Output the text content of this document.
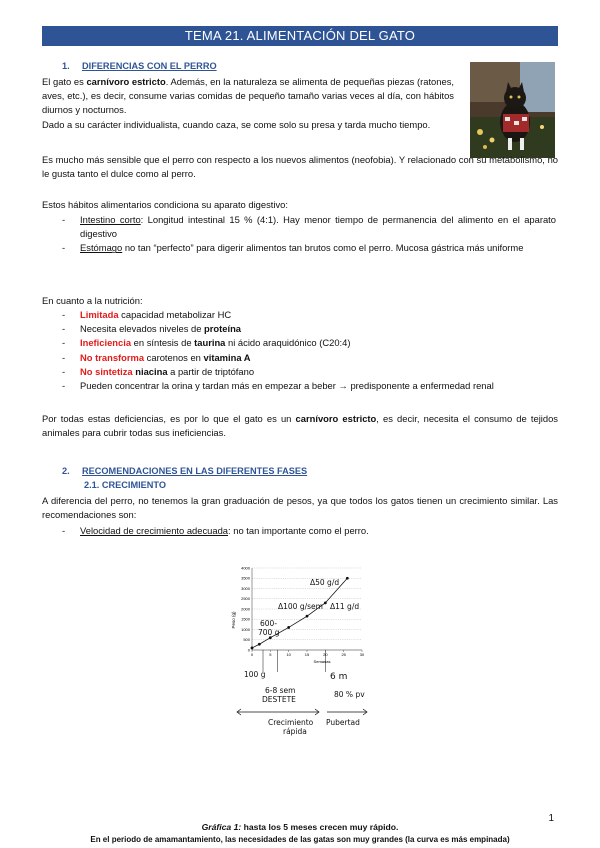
TEMA 21. ALIMENTACIÓN DEL GATO
1. DIFERENCIAS CON EL PERRO

El gato es carnívoro estricto. Además, en la naturaleza se alimenta de pequeñas piezas (ratones, aves, etc.), es decir, consume varias comidas de pequeño tamaño varias veces al día, con hábitos diurnos y nocturnos.

Dado a su carácter individualista, cuando caza, se come solo su presa y tarda mucho tiempo.

Es mucho más sensible que el perro con respecto a los nuevos alimentos (neofobia). Y relacionado con su metabolismo, no le gusta tanto el dulce como al perro.
Estos hábitos alimentarios condiciona su aparato digestivo:
- Intestino corto: Longitud intestinal 15 % (4:1). Hay menor tiempo de permanencia del alimento en el aparato digestivo
- Estómago no tan “perfecto” para digerir alimentos tan brutos como el perro. Mucosa gástrica más uniforme
En cuanto a la nutrición:
- Limitada capacidad metabolizar HC
- Necesita elevados niveles de proteína
- Ineficiencia en síntesis de taurina ni ácido araquidónico (C20:4)
- No transforma carotenos en vitamina A
- No sintetiza niacina a partir de triptófano
- Pueden concentrar la orina y tardan más en empezar a beber → predisponente a enfermedad renal
Por todas estas deficiencias, es por lo que el gato es un carnívoro estricto, es decir, necesita el consumo de tejidos animales para cubrir todas sus ineficiencias.
2. RECOMENDACIONES EN LAS DIFERENTES FASES
2.1. CRECIMIENTO
A diferencia del perro, no tenemos la gran graduación de pesos, ya que todos los gatos tienen un crecimiento similar. Las recomendaciones son:
- Velocidad de crecimiento adecuada: no tan importante como el perro.
Peso (g)
Semanas
0
500
1000
1500
2000
2500
3000
3500
4000
0	5	10	15	20	25	30
Δ50 g/d
Δ100 g/sem Δ11 g/d
600-
700 g
100 g	6 m
6-8 sem
DESTETE
80 % pv
Crecimiento
rápida
Pubertad
Gráfica 1: hasta los 5 meses crecen muy rápido.
En el periodo de amamantamiento, las necesidades de las gatas son muy grandes (la curva es más empinada)
1
